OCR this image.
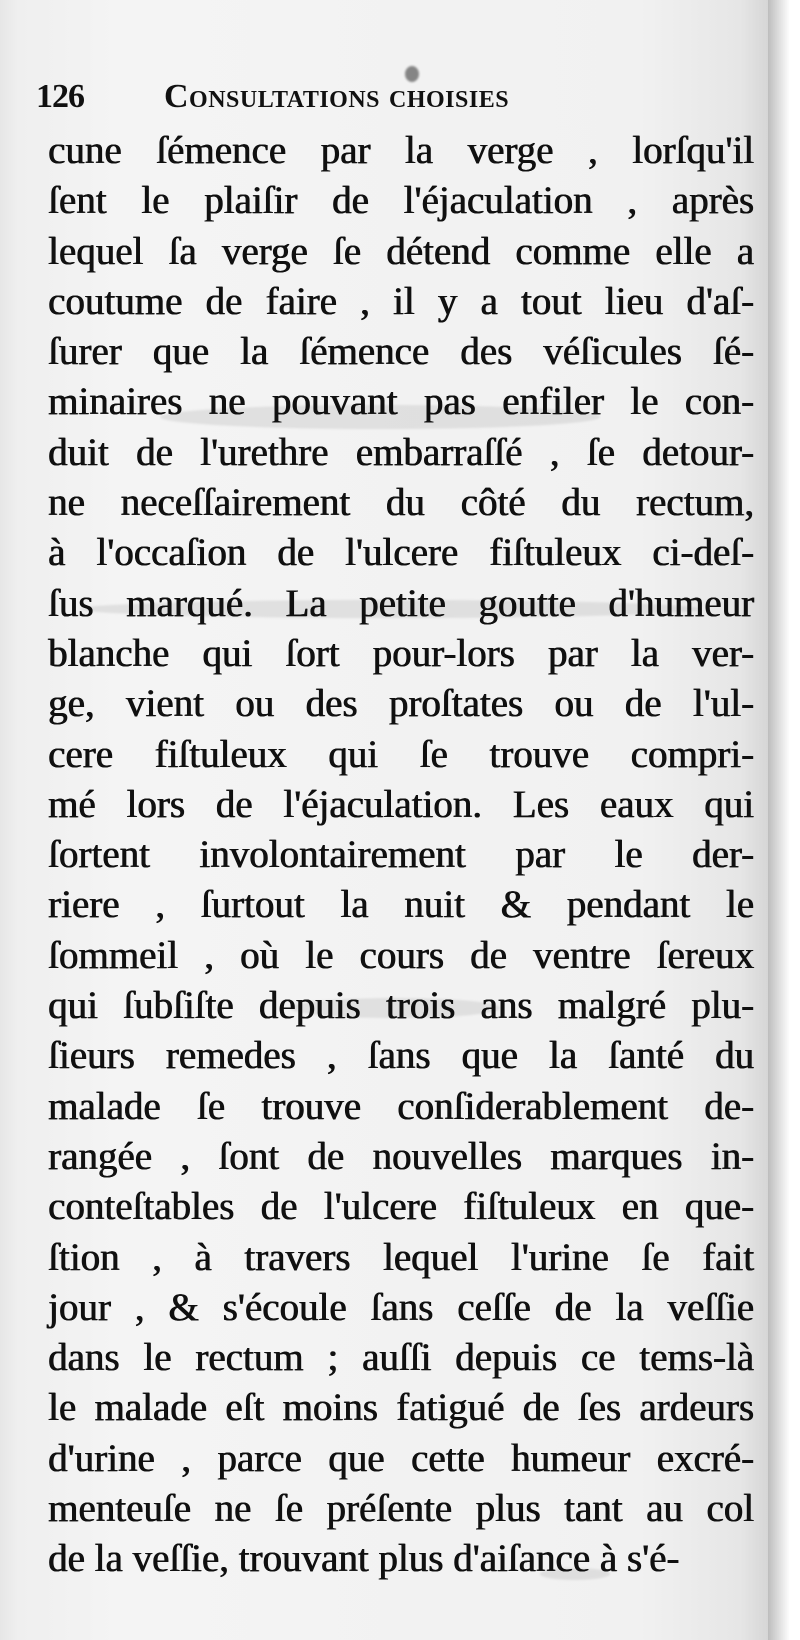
126 Consultations choisies
cune ſémence par la verge , lorſqu'il
ſent le plaiſir de l'éjaculation , après
lequel ſa verge ſe détend comme elle a
coutume de faire , il y a tout lieu d'aſ-
ſurer que la ſémence des véſicules ſé-
minaires ne pouvant pas enfiler le con-
duit de l'urethre embarraſſé , ſe detour-
ne neceſſairement du côté du rectum,
à l'occaſion de l'ulcere fiſtuleux ci-deſ-
ſus marqué. La petite goutte d'humeur
blanche qui ſort pour-lors par la ver-
ge, vient ou des proſtates ou de l'ul-
cere fiſtuleux qui ſe trouve compri-
mé lors de l'éjaculation. Les eaux qui
ſortent involontairement par le der-
riere , ſurtout la nuit & pendant le
ſommeil , où le cours de ventre ſereux
qui ſubſiſte depuis trois ans malgré plu-
ſieurs remedes , ſans que la ſanté du
malade ſe trouve conſiderablement de-
rangée , ſont de nouvelles marques in-
conteſtables de l'ulcere fiſtuleux en que-
ſtion , à travers lequel l'urine ſe fait
jour , & s'écoule ſans ceſſe de la veſſie
dans le rectum ; auſſi depuis ce tems-là
le malade eſt moins fatigué de ſes ardeurs
d'urine , parce que cette humeur excré-
menteuſe ne ſe préſente plus tant au col
de la veſſie, trouvant plus d'aiſance à s'é-
